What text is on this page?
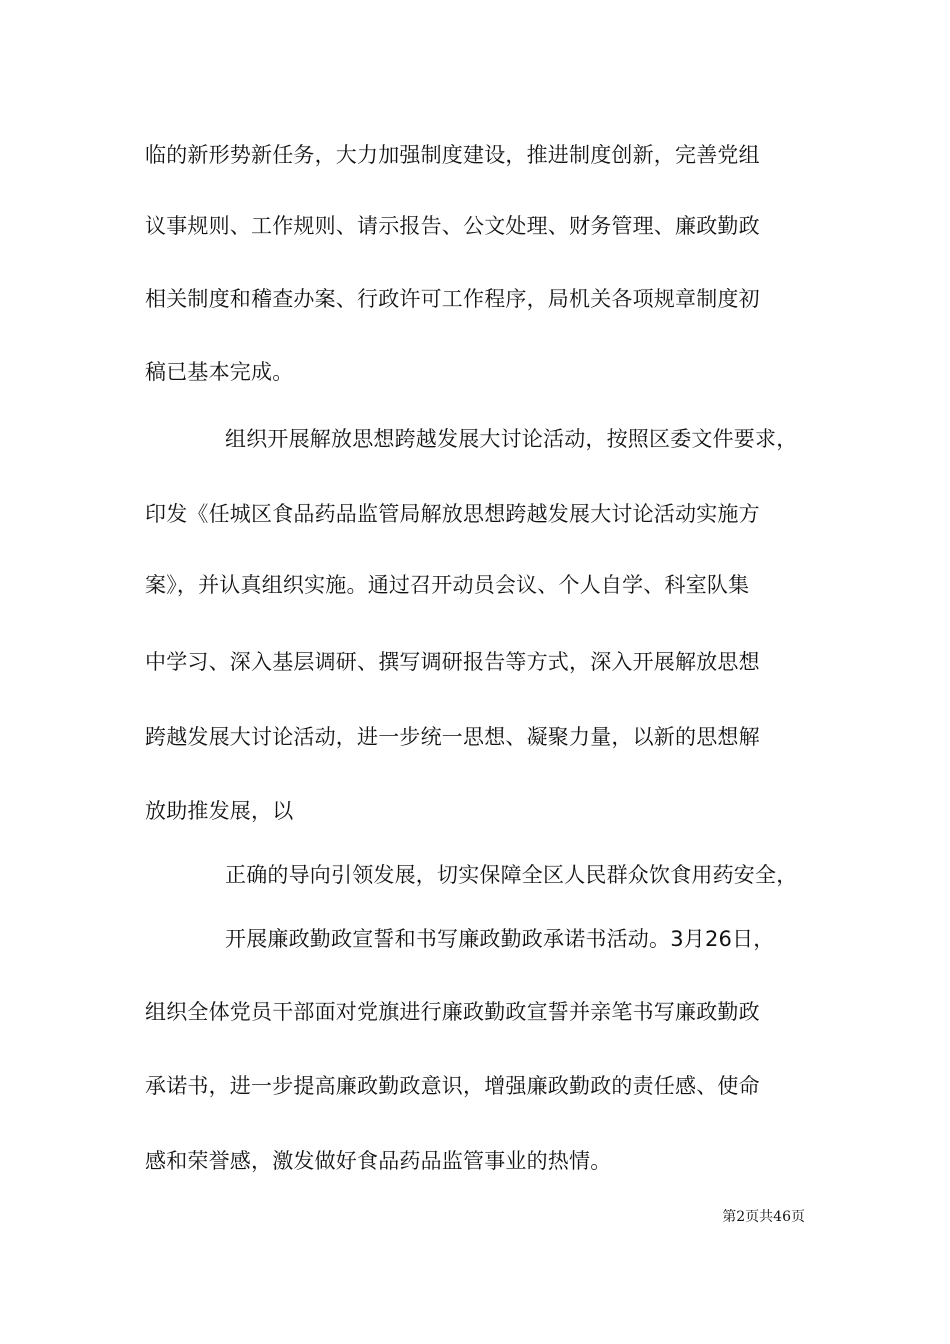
临的新形势新任务，大力加强制度建设，推进制度创新，完善党组
议事规则、工作规则、请示报告、公文处理、财务管理、廉政勤政
相关制度和稽查办案、行政许可工作程序，局机关各项规章制度初
稿已基本完成。
组织开展解放思想跨越发展大讨论活动，按照区委文件要求，
印发《任城区食品药品监管局解放思想跨越发展大讨论活动实施方
案》，并认真组织实施。通过召开动员会议、个人自学、科室队集
中学习、深入基层调研、撰写调研报告等方式，深入开展解放思想
跨越发展大讨论活动，进一步统一思想、凝聚力量，以新的思想解
放助推发展，以
正确的导向引领发展，切实保障全区人民群众饮食用药安全，
开展廉政勤政宣誓和书写廉政勤政承诺书活动。3月26日，
组织全体党员干部面对党旗进行廉政勤政宣誓并亲笔书写廉政勤政
承诺书，进一步提高廉政勤政意识，增强廉政勤政的责任感、使命
感和荣誉感，激发做好食品药品监管事业的热情。
第2页共46页
